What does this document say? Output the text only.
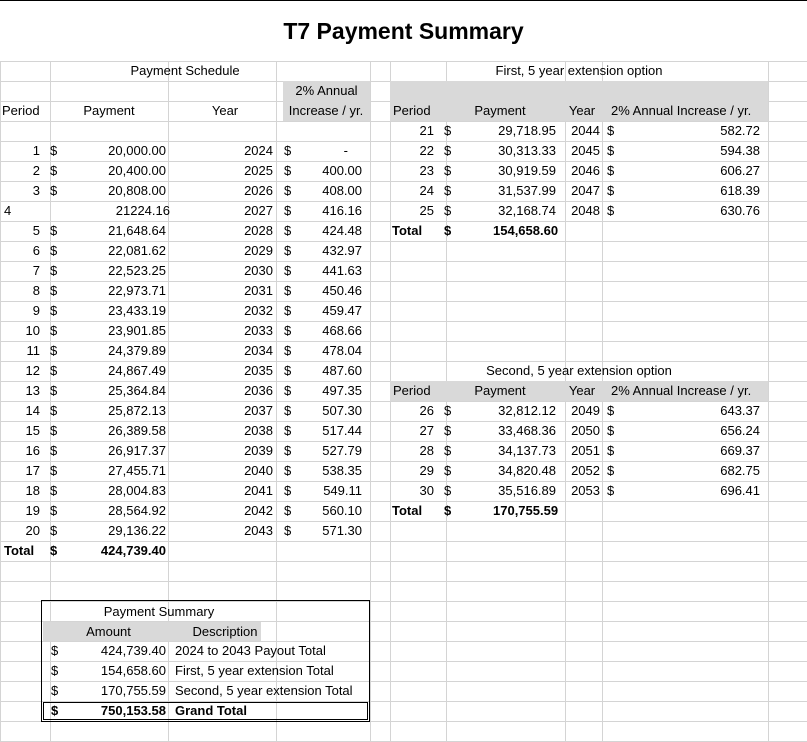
T7 Payment Summary
Payment Schedule
2% Annual
Period	Payment	Year	Increase / yr.
1 $	20,000.00	2024 $	-
2 $	20,400.00	2025 $	400.00
3 $	20,808.00	2026 $	408.00
4	21224.16	2027 $	416.16
5 $	21,648.64	2028 $	424.48
6 $	22,081.62	2029 $	432.97
7 $	22,523.25	2030 $	441.63
8 $	22,973.71	2031 $	450.46
9 $	23,433.19	2032 $	459.47
10 $	23,901.85	2033 $	468.66
11 $	24,379.89	2034 $	478.04
12 $	24,867.49	2035 $	487.60
13 $	25,364.84	2036 $	497.35
14 $	25,872.13	2037 $	507.30
15 $	26,389.58	2038 $	517.44
16 $	26,917.37	2039 $	527.79
17 $	27,455.71	2040 $	538.35
18 $	28,004.83	2041 $	549.11
19 $	28,564.92	2042 $	560.10
20 $	29,136.22	2043 $	571.30
Total $	424,739.40
First, 5 year extension option
Period	Payment	Year	2% Annual Increase / yr.
21 $	29,718.95	2044 $	582.72
22 $	30,313.33	2045 $	594.38
23 $	30,919.59	2046 $	606.27
24 $	31,537.99	2047 $	618.39
25 $	32,168.74	2048 $	630.76
Total $	154,658.60
Second, 5 year extension option
Period	Payment	Year	2% Annual Increase / yr.
26 $	32,812.12	2049 $	643.37
27 $	33,468.36	2050 $	656.24
28 $	34,137.73	2051 $	669.37
29 $	34,820.48	2052 $	682.75
30 $	35,516.89	2053 $	696.41
Total $	170,755.59
Payment Summary
Amount	Description
$	424,739.40 2024 to 2043 Payout Total
$	154,658.60 First, 5 year extension Total
$	170,755.59 Second, 5 year extension Total
$	750,153.58 Grand Total
